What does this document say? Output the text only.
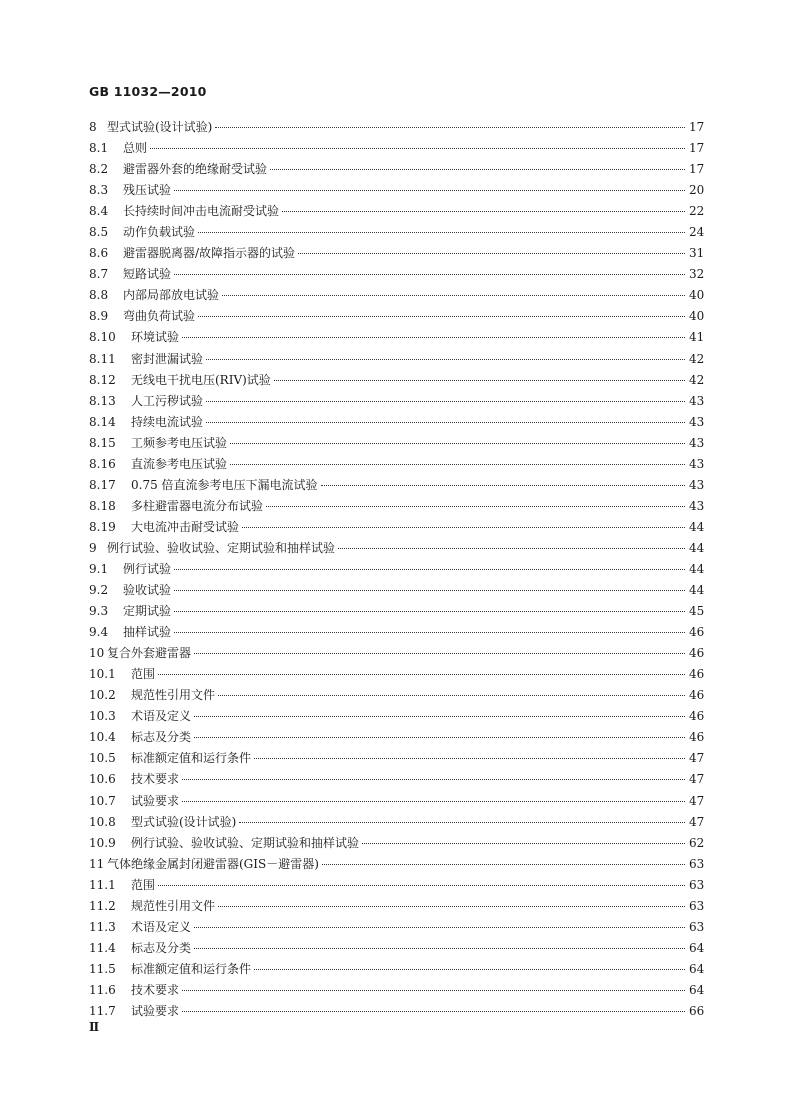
GB 11032—2010
8 型式试验(设计试验)	17
8.1	总则	17
8.2	避雷器外套的绝缘耐受试验	17
8.3	残压试验	20
8.4	长持续时间冲击电流耐受试验	22
8.5	动作负载试验	24
8.6	避雷器脱离器/故障指示器的试验	31
8.7	短路试验	32
8.8	内部局部放电试验	40
8.9	弯曲负荷试验	40
8.10	环境试验	41
8.11	密封泄漏试验	42
8.12	无线电干扰电压(RIV)试验	42
8.13	人工污秽试验	43
8.14	持续电流试验	43
8.15	工频参考电压试验	43
8.16	直流参考电压试验	43
8.17	0.75 倍直流参考电压下漏电流试验	43
8.18	多柱避雷器电流分布试验	43
8.19	大电流冲击耐受试验	44
9 例行试验、验收试验、定期试验和抽样试验	44
9.1	例行试验	44
9.2	验收试验	44
9.3	定期试验	45
9.4	抽样试验	46
10 复合外套避雷器	46
10.1	范围	46
10.2	规范性引用文件	46
10.3	术语及定义	46
10.4	标志及分类	46
10.5	标准额定值和运行条件	47
10.6	技术要求	47
10.7	试验要求	47
10.8	型式试验(设计试验)	47
10.9	例行试验、验收试验、定期试验和抽样试验	62
11 气体绝缘金属封闭避雷器(GIS－避雷器)	63
11.1	范围	63
11.2	规范性引用文件	63
11.3	术语及定义	63
11.4	标志及分类	64
11.5	标准额定值和运行条件	64
11.6	技术要求	64
11.7	试验要求	66
Ⅱ
